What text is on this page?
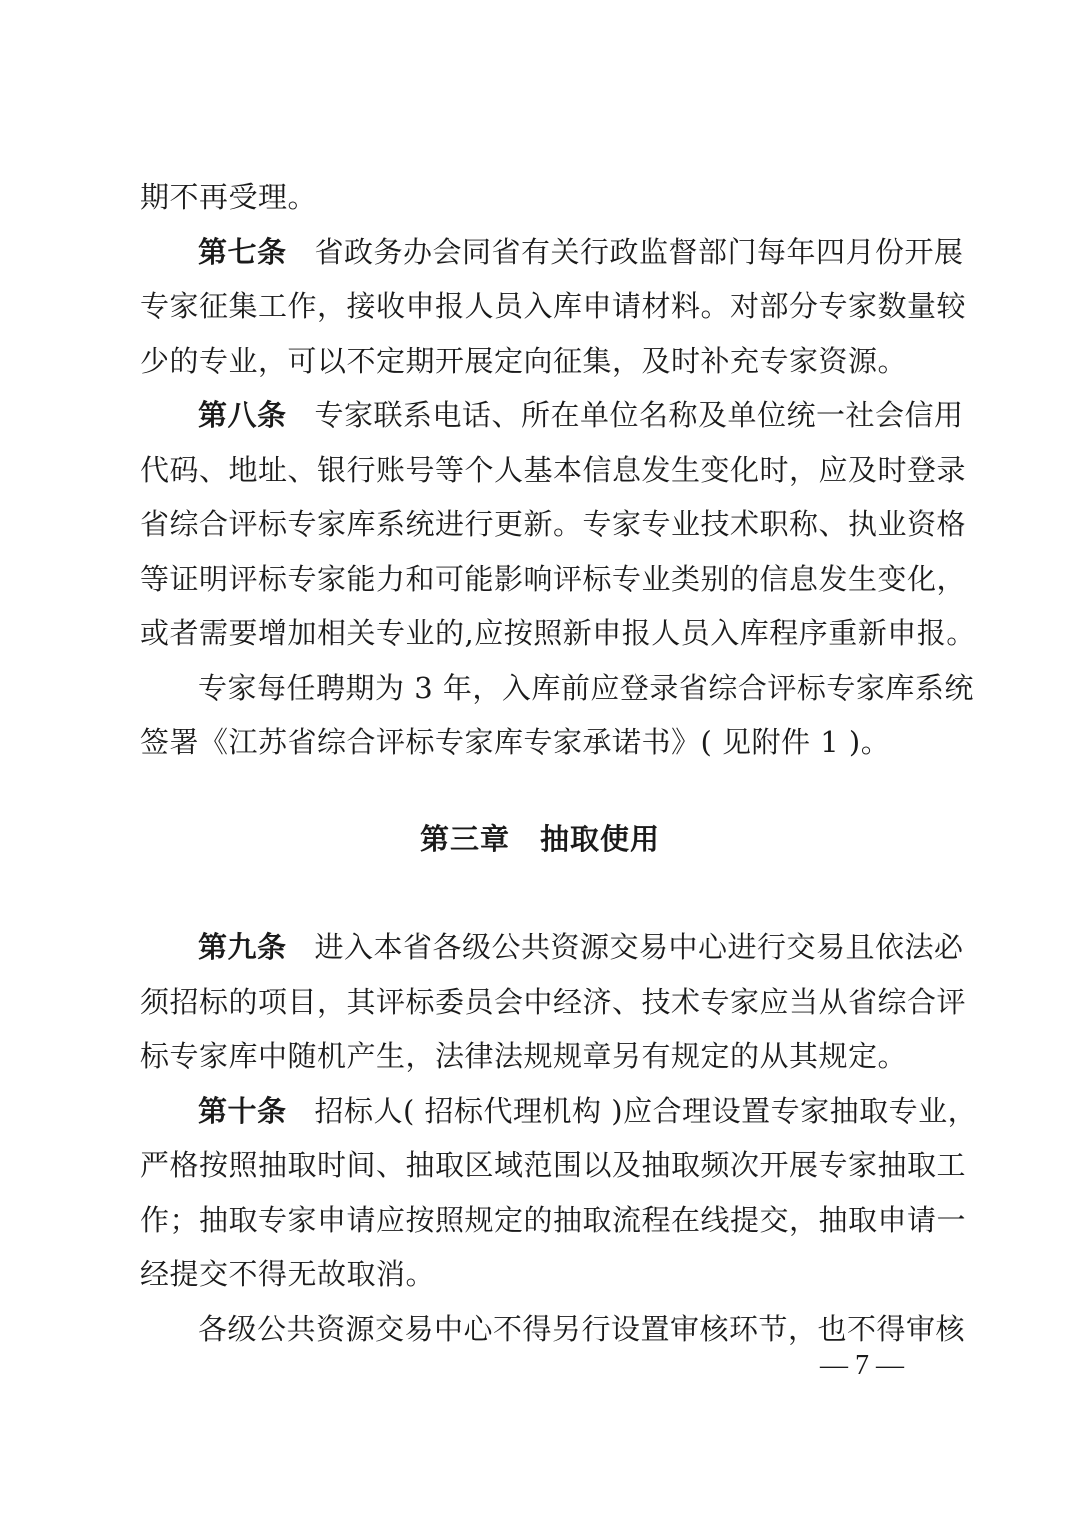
期不再受理。
第七条 省政务办会同省有关行政监督部门每年四月份开展
专家征集工作，接收申报人员入库申请材料。对部分专家数量较
少的专业，可以不定期开展定向征集，及时补充专家资源。
第八条 专家联系电话、所在单位名称及单位统一社会信用
代码、地址、银行账号等个人基本信息发生变化时，应及时登录
省综合评标专家库系统进行更新。专家专业技术职称、执业资格
等证明评标专家能力和可能影响评标专业类别的信息发生变化，
或者需要增加相关专业的,应按照新申报人员入库程序重新申报。
专家每任聘期为 3 年，入库前应登录省综合评标专家库系统
签署《江苏省综合评标专家库专家承诺书》( 见附件 1 )。
第三章 抽取使用
第九条 进入本省各级公共资源交易中心进行交易且依法必
须招标的项目，其评标委员会中经济、技术专家应当从省综合评
标专家库中随机产生，法律法规规章另有规定的从其规定。
第十条 招标人( 招标代理机构 )应合理设置专家抽取专业，
严格按照抽取时间、抽取区域范围以及抽取频次开展专家抽取工
作；抽取专家申请应按照规定的抽取流程在线提交，抽取申请一
经提交不得无故取消。
各级公共资源交易中心不得另行设置审核环节，也不得审核
— 7 —
